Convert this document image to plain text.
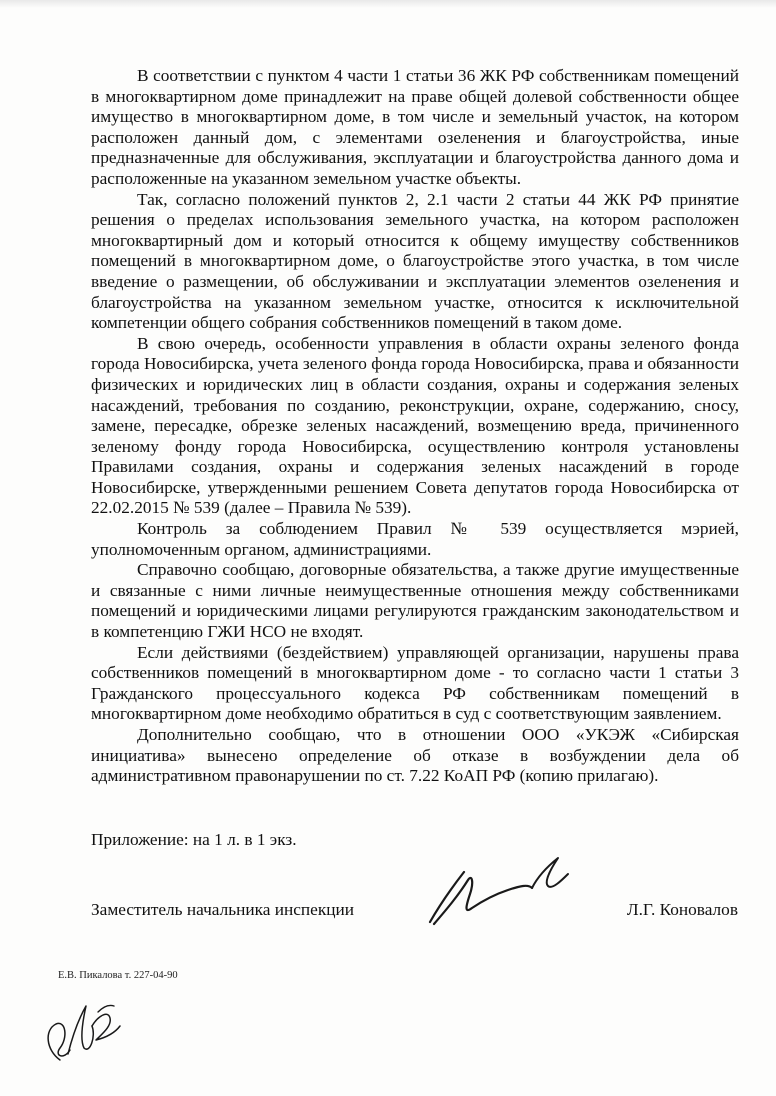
В соответствии с пунктом 4 части 1 статьи 36 ЖК РФ собственникам помещений в многоквартирном доме принадлежит на праве общей долевой собственности общее имущество в многоквартирном доме, в том числе и земельный участок, на котором расположен данный дом, с элементами озеленения и благоустройства, иные предназначенные для обслуживания, эксплуатации и благоустройства данного дома и расположенные на указанном земельном участке объекты.

Так, согласно положений пунктов 2, 2.1 части 2 статьи 44 ЖК РФ принятие решения о пределах использования земельного участка, на котором расположен многоквартирный дом и который относится к общему имуществу собственников помещений в многоквартирном доме, о благоустройстве этого участка, в том числе введение о размещении, об обслуживании и эксплуатации элементов озеленения и благоустройства на указанном земельном участке, относится к исключительной компетенции общего собрания собственников помещений в таком доме.

В свою очередь, особенности управления в области охраны зеленого фонда города Новосибирска, учета зеленого фонда города Новосибирска, права и обязанности физических и юридических лиц в области создания, охраны и содержания зеленых насаждений, требования по созданию, реконструкции, охране, содержанию, сносу, замене, пересадке, обрезке зеленых насаждений, возмещению вреда, причиненного зеленому фонду города Новосибирска, осуществлению контроля установлены Правилами создания, охраны и содержания зеленых насаждений в городе Новосибирске, утвержденными решением Совета депутатов города Новосибирска от 22.02.2015 № 539 (далее – Правила № 539).

Контроль за соблюдением Правил № 539 осуществляется мэрией, уполномоченным органом, администрациями.

Справочно сообщаю, договорные обязательства, а также другие имущественные и связанные с ними личные неимущественные отношения между собственниками помещений и юридическими лицами регулируются гражданским законодательством и в компетенцию ГЖИ НСО не входят.

Если действиями (бездействием) управляющей организации, нарушены права собственников помещений в многоквартирном доме - то согласно части 1 статьи 3 Гражданского процессуального кодекса РФ собственникам помещений в многоквартирном доме необходимо обратиться в суд с соответствующим заявлением.

Дополнительно сообщаю, что в отношении ООО «УКЭЖ «Сибирская инициатива» вынесено определение об отказе в возбуждении дела об административном правонарушении по ст. 7.22 КоАП РФ (копию прилагаю).

Приложение: на 1 л. в 1 экз.

Заместитель начальника инспекции	Л.Г. Коновалов

Е.В. Пикалова т. 227-04-90
